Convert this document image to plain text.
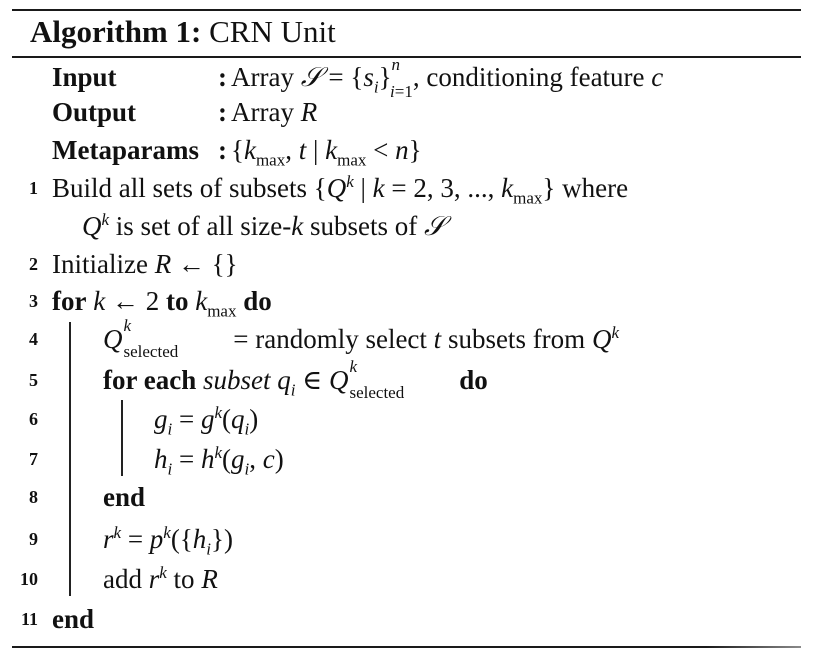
Algorithm 1: CRN Unit
Input	: Array 𝒮 = $\{s_i\}^n_{i=1}$, conditioning feature c
Output	: Array R
Metaparams : {$k_{max}$, t | $k_{max} < n$}
1 Build all sets of subsets {$Q^k$ | k = 2, 3, ..., $k_{max}$} where
$Q^k$ is set of all size-k subsets of 𝒮
2 Initialize R ← {}
3 for k ← 2 to $k_{max}$ do
4 Q k
selected = randomly select t subsets from $Q^k$
5 for each subset $q_i$ ∈ Q k
selected do
6	$g_i = g^k(q_i)$
7	$h_i = h^k(g_i$, c)
8 end
9 $r^k = p^k(\{h_i\})$
10 add $r^k$ to R
11 end
